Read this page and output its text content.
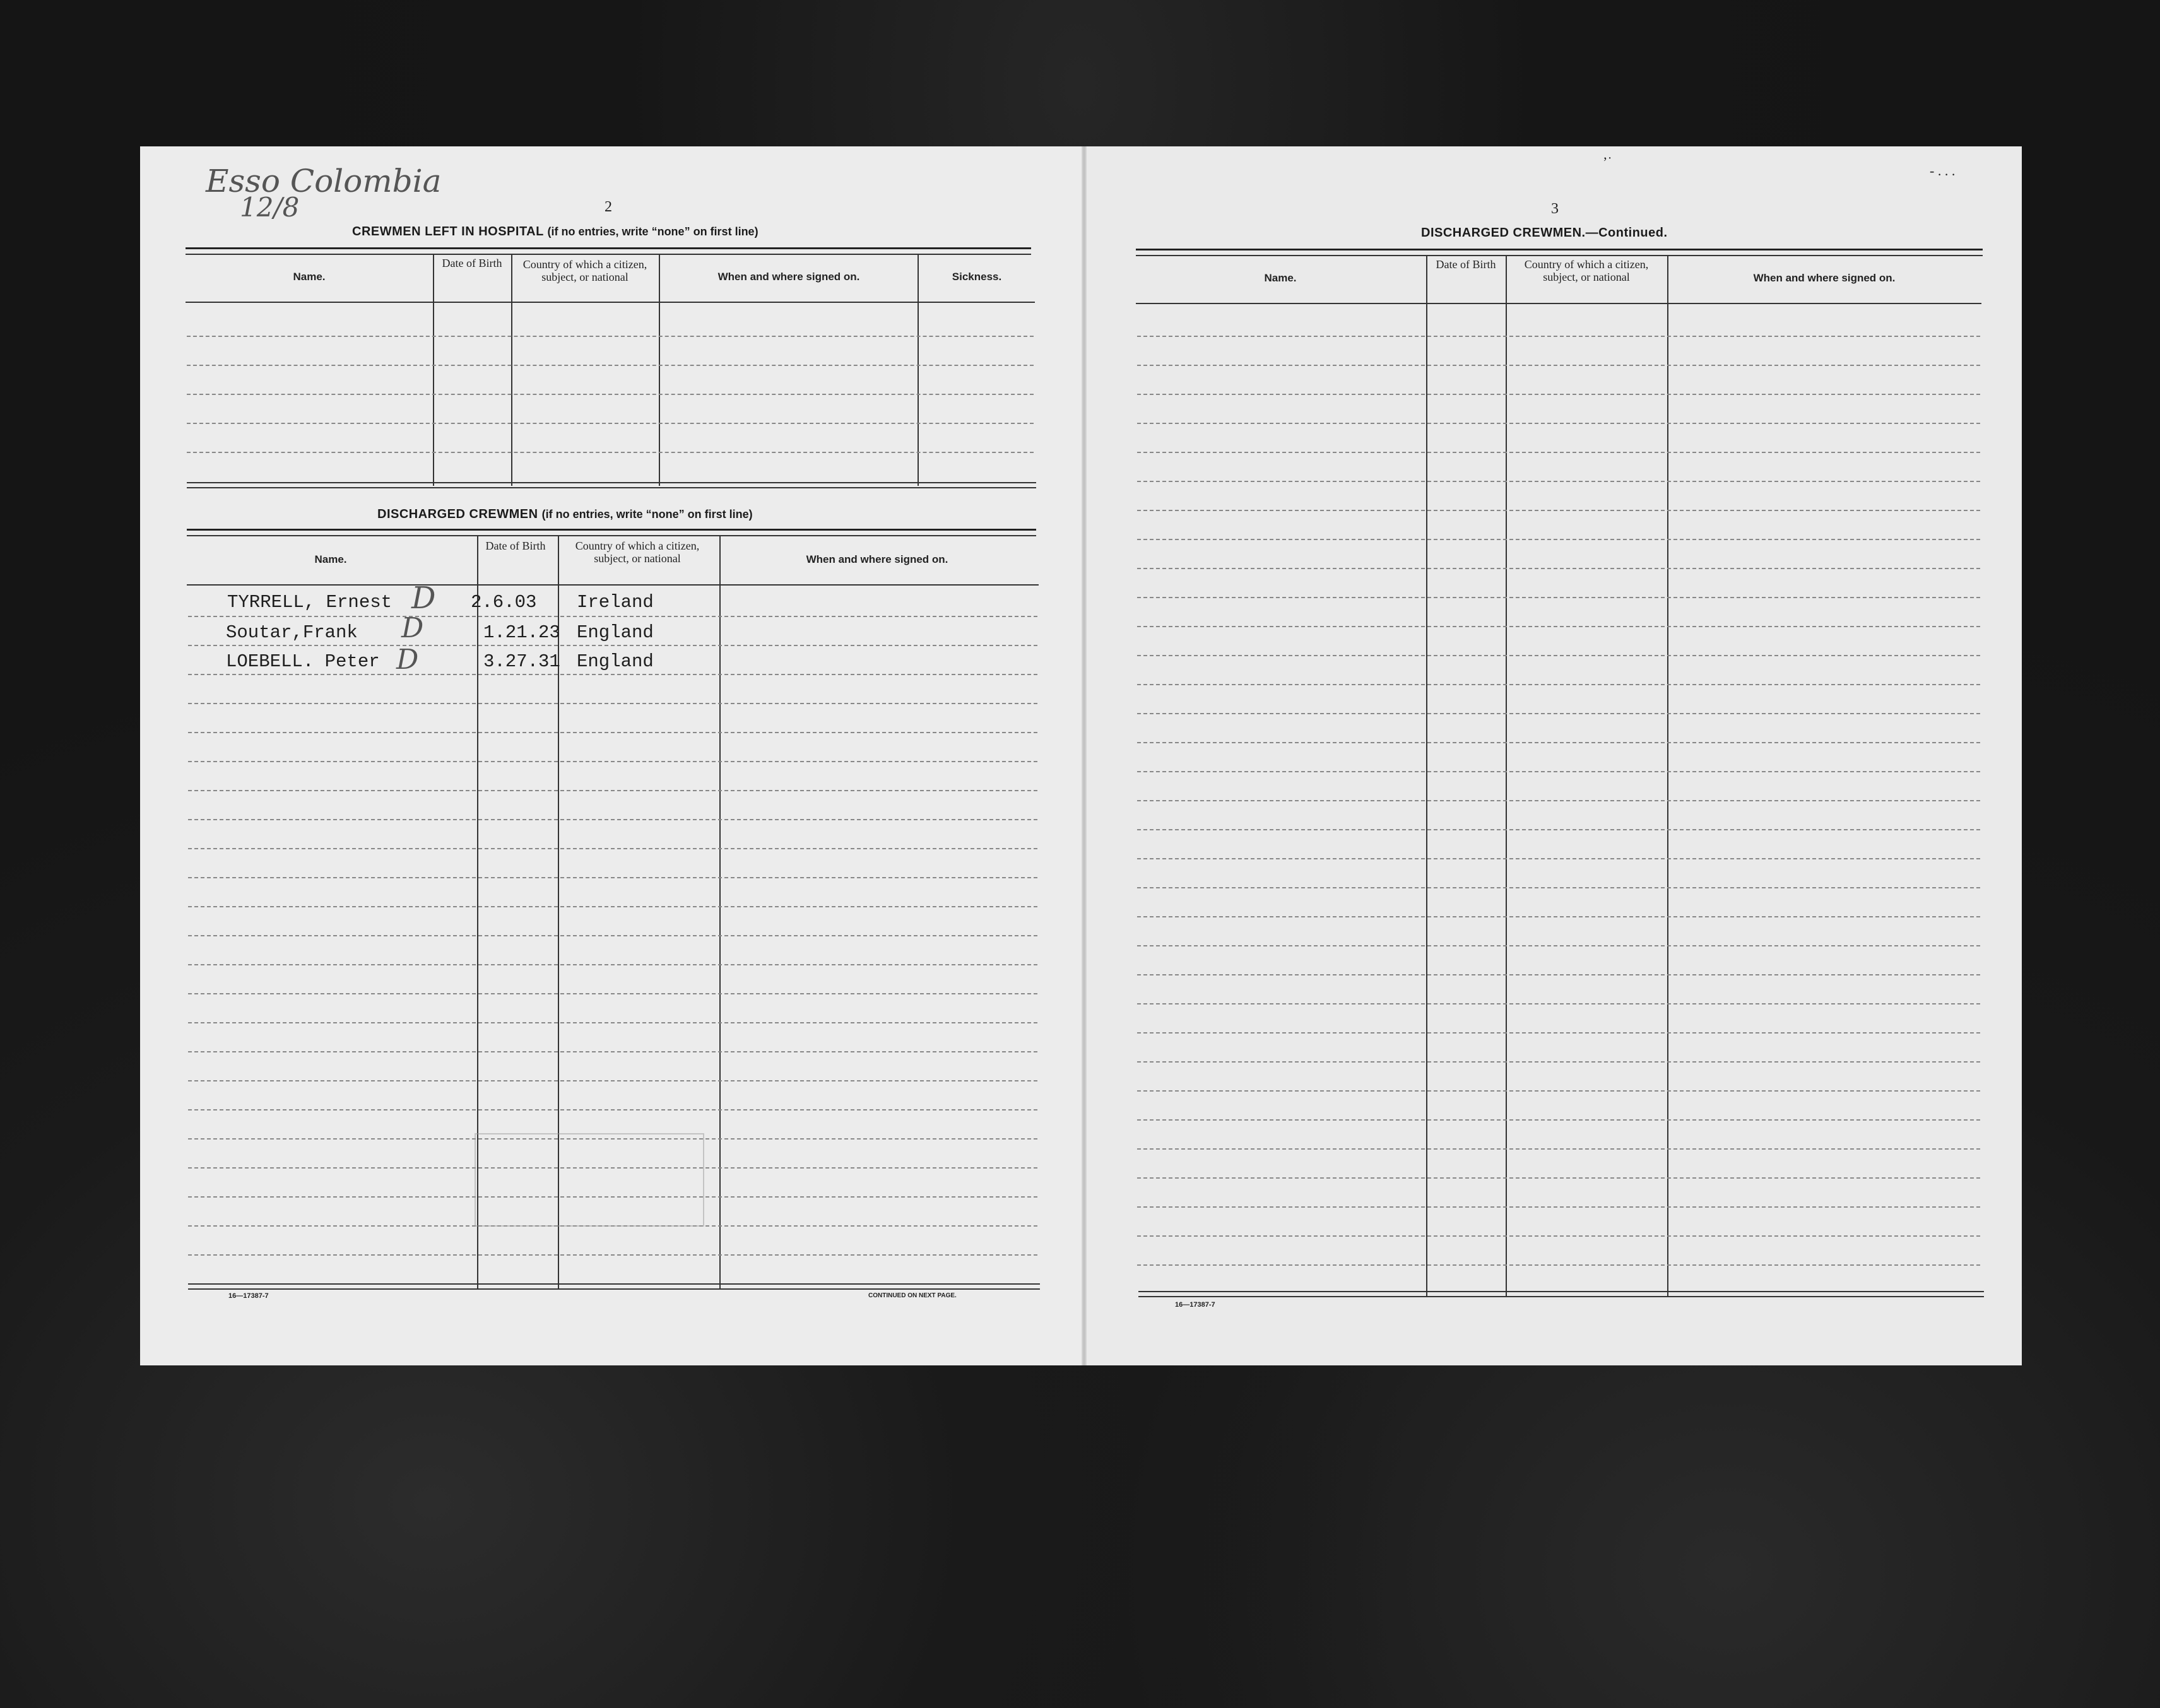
Esso Colombia
12/8
’˙
- . . .
2
CREWMEN LEFT IN HOSPITAL (if no entries, write “none” on first line)
Name.
Date of Birth	Country of which a citizen, subject, or national	When and where signed on.	Sickness.
DISCHARGED CREWMEN (if no entries, write “none” on first line)
Name.
Date of Birth	Country of which a citizen, subject, or national	When and where signed on.
TYRRELL, Ernest	2.6.03 Ireland
Soutar,Frank	1.21.23 England
LOEBELL. Peter	3.27.31 England
D
D
D
16—17387-7	CONTINUED ON NEXT PAGE.
3
DISCHARGED CREWMEN.—Continued.
Name.
Date of Birth	Country of which a citizen, subject, or national	When and where signed on.
16—17387-7
